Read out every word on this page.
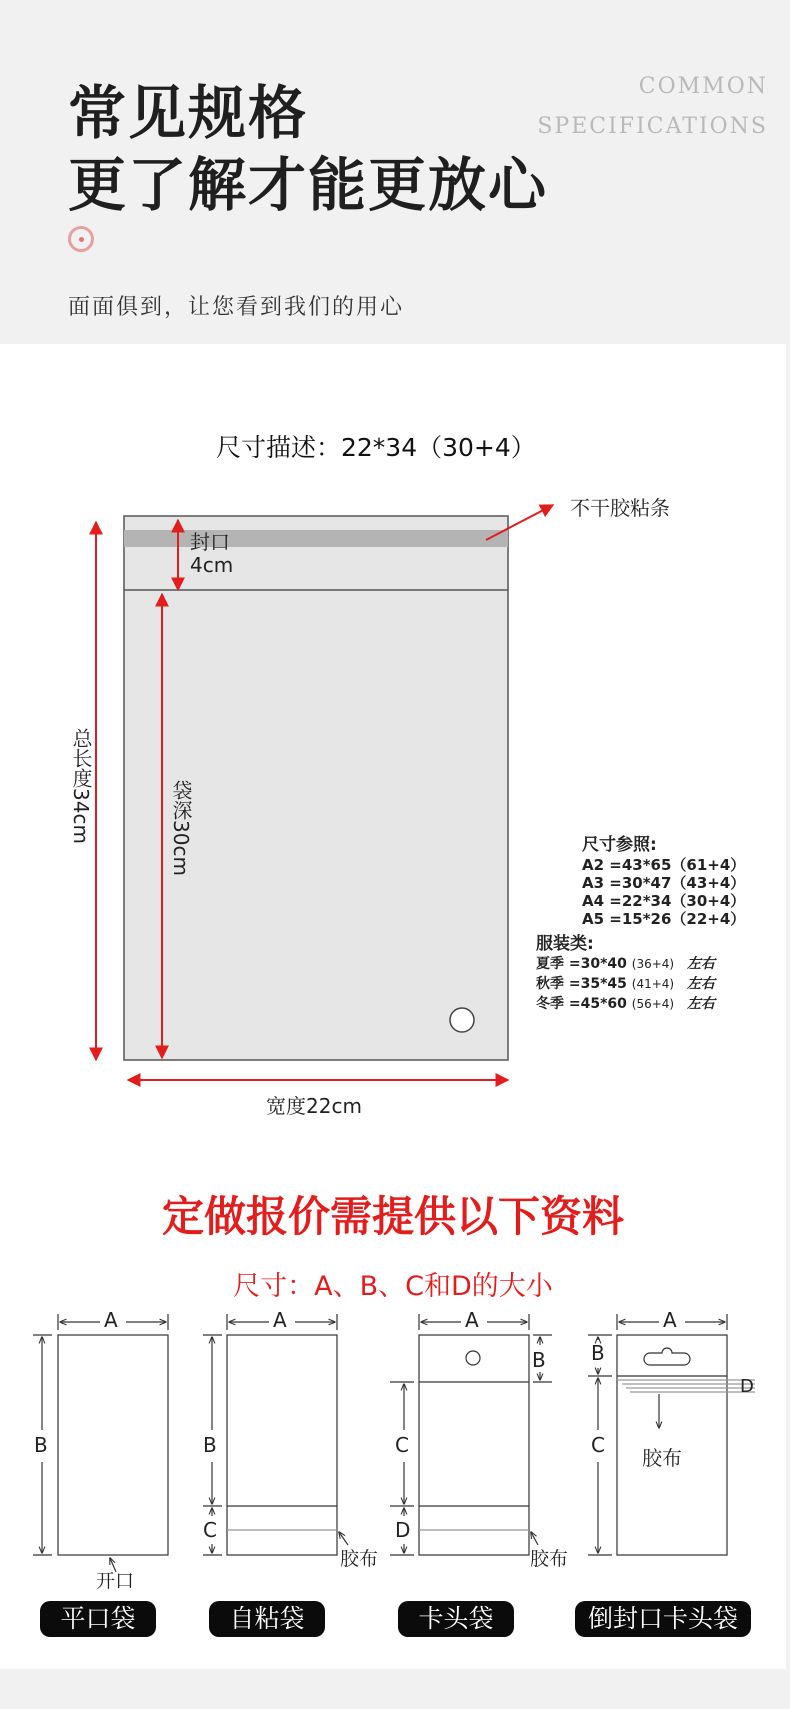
常见规格
更了解才能更放心
COMMON
SPECIFICATIONS
面面俱到，让您看到我们的用心
尺寸描述：22*34（30+4）
不干胶粘条
封口
4cm
总长度34cm	袋深30cm
宽度22cm
尺寸参照:
A2 =43*65（61+4）
A3 =30*47（43+4）
A4 =22*34（30+4）
A5 =15*26（22+4）
服装类:
夏季 =30*40 (36+4) 左右
秋季 =35*45 (41+4) 左右
冬季 =45*60 (56+4) 左右
定做报价需提供以下资料
尺寸：A、B、C和D的大小
A
B
开口
A
B
C
胶布
A
B
C
D
胶布
A
B
D
C
胶布
平口袋	自粘袋	卡头袋	倒封口卡头袋
